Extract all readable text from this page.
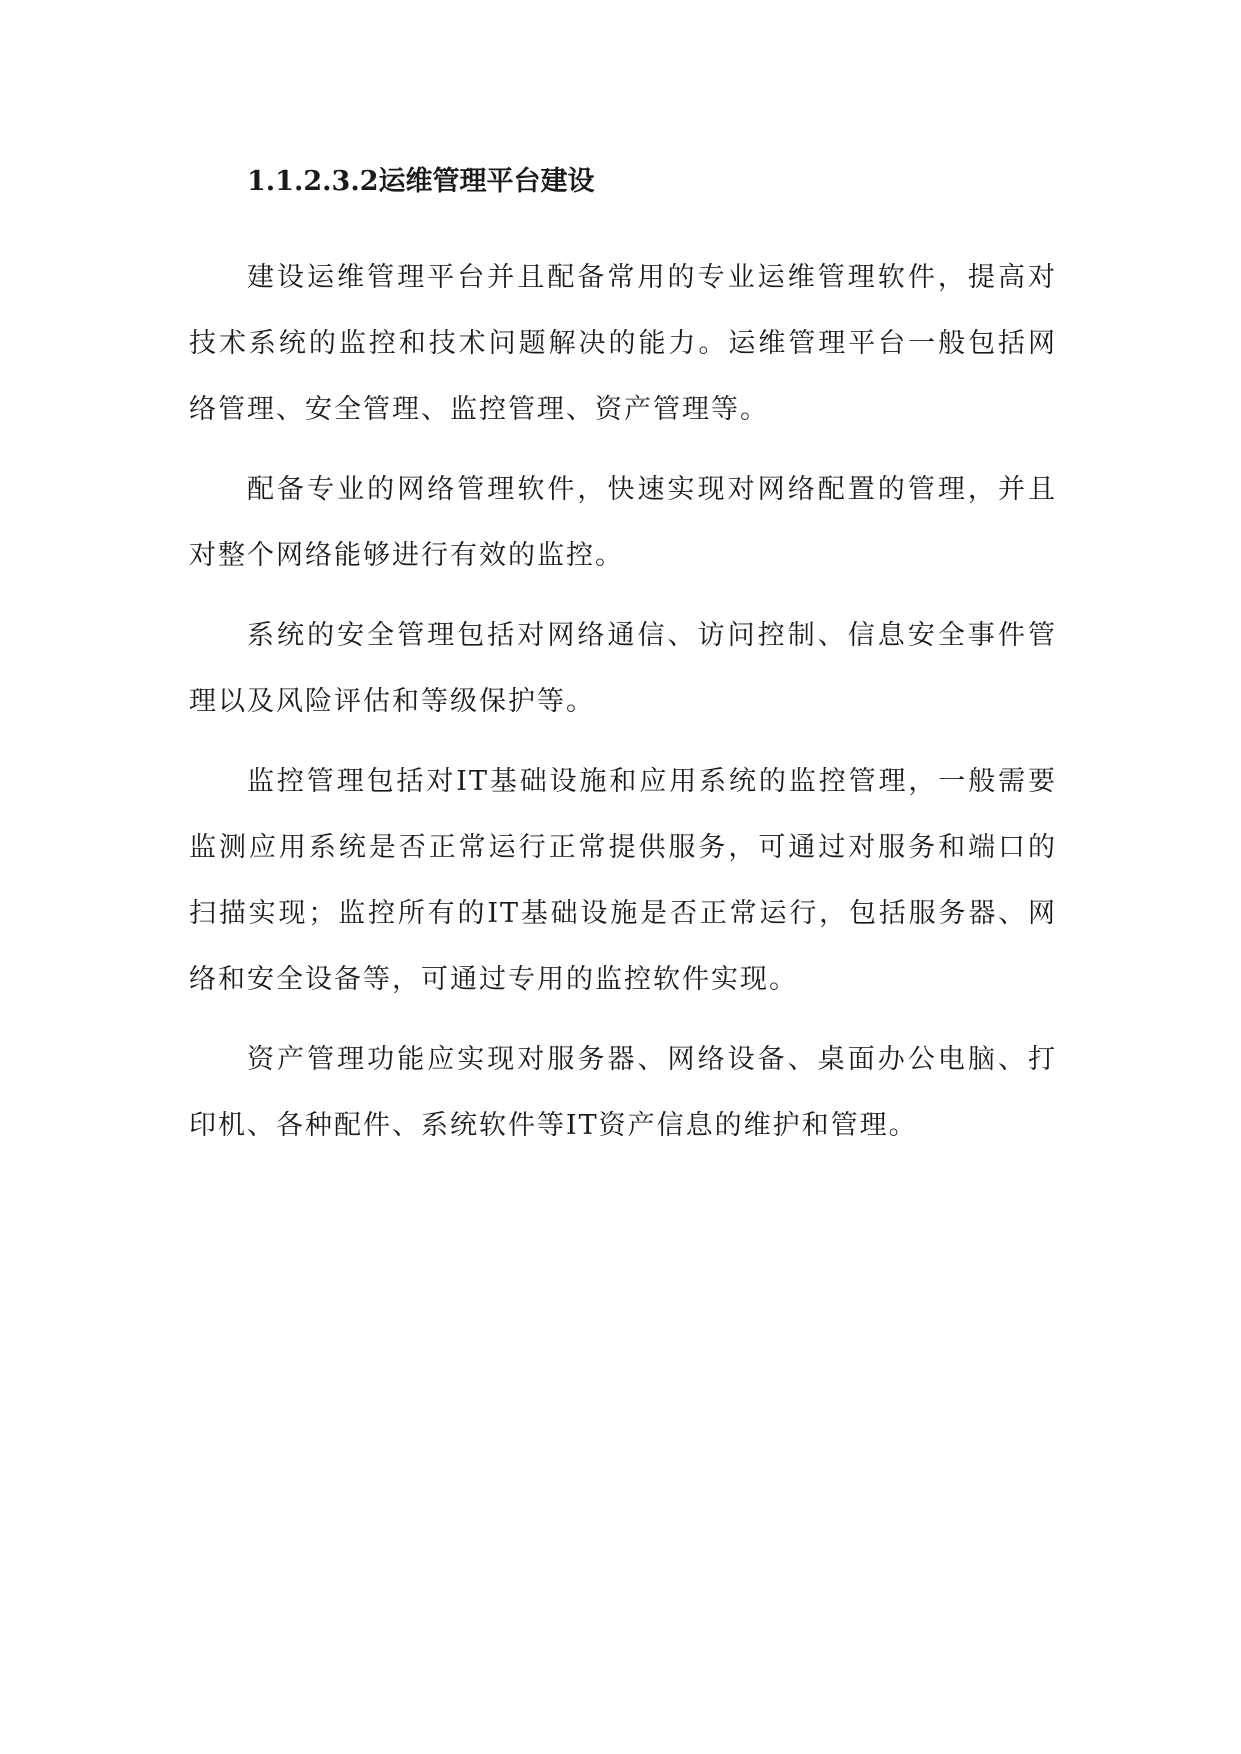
1.1.2.3.2运维管理平台建设

建设运维管理平台并且配备常用的专业运维管理软件，提高对技术系统的监控和技术问题解决的能力。运维管理平台一般包括网络管理、安全管理、监控管理、资产管理等。

配备专业的网络管理软件，快速实现对网络配置的管理，并且对整个网络能够进行有效的监控。

系统的安全管理包括对网络通信、访问控制、信息安全事件管理以及风险评估和等级保护等。

监控管理包括对IT基础设施和应用系统的监控管理，一般需要监测应用系统是否正常运行正常提供服务，可通过对服务和端口的扫描实现；监控所有的IT基础设施是否正常运行，包括服务器、网络和安全设备等，可通过专用的监控软件实现。

资产管理功能应实现对服务器、网络设备、桌面办公电脑、打印机、各种配件、系统软件等IT资产信息的维护和管理。
